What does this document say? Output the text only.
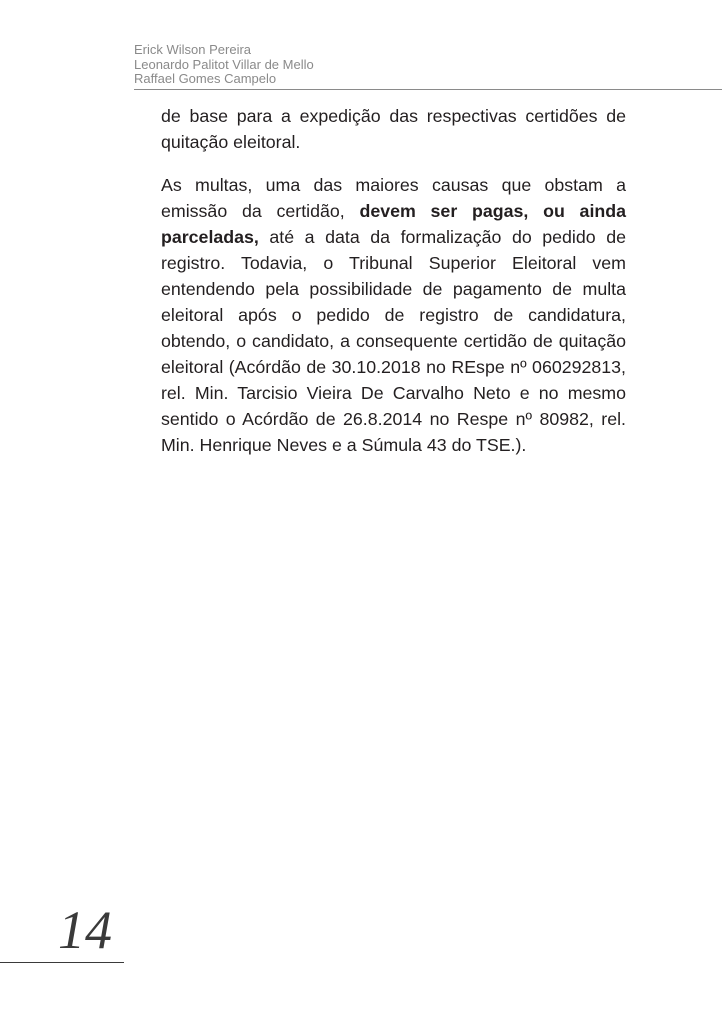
Erick Wilson Pereira
Leonardo Palitot Villar de Mello
Raffael Gomes Campelo

de base para a expedição das respectivas certidões de quitação eleitoral.

As multas, uma das maiores causas que obstam a emissão da certidão, devem ser pagas, ou ainda parceladas, até a data da formalização do pedido de registro. Todavia, o Tribunal Superior Eleitoral vem entendendo pela possibilidade de pagamento de multa eleitoral após o pedido de registro de candidatura, obtendo, o candidato, a consequente certidão de quitação eleitoral (Acórdão de 30.10.2018 no REspe nº 060292813, rel. Min. Tarcisio Vieira De Carvalho Neto e no mesmo sentido o Acórdão de 26.8.2014 no Respe nº 80982, rel. Min. Henrique Neves e a Súmula 43 do TSE.).

14
